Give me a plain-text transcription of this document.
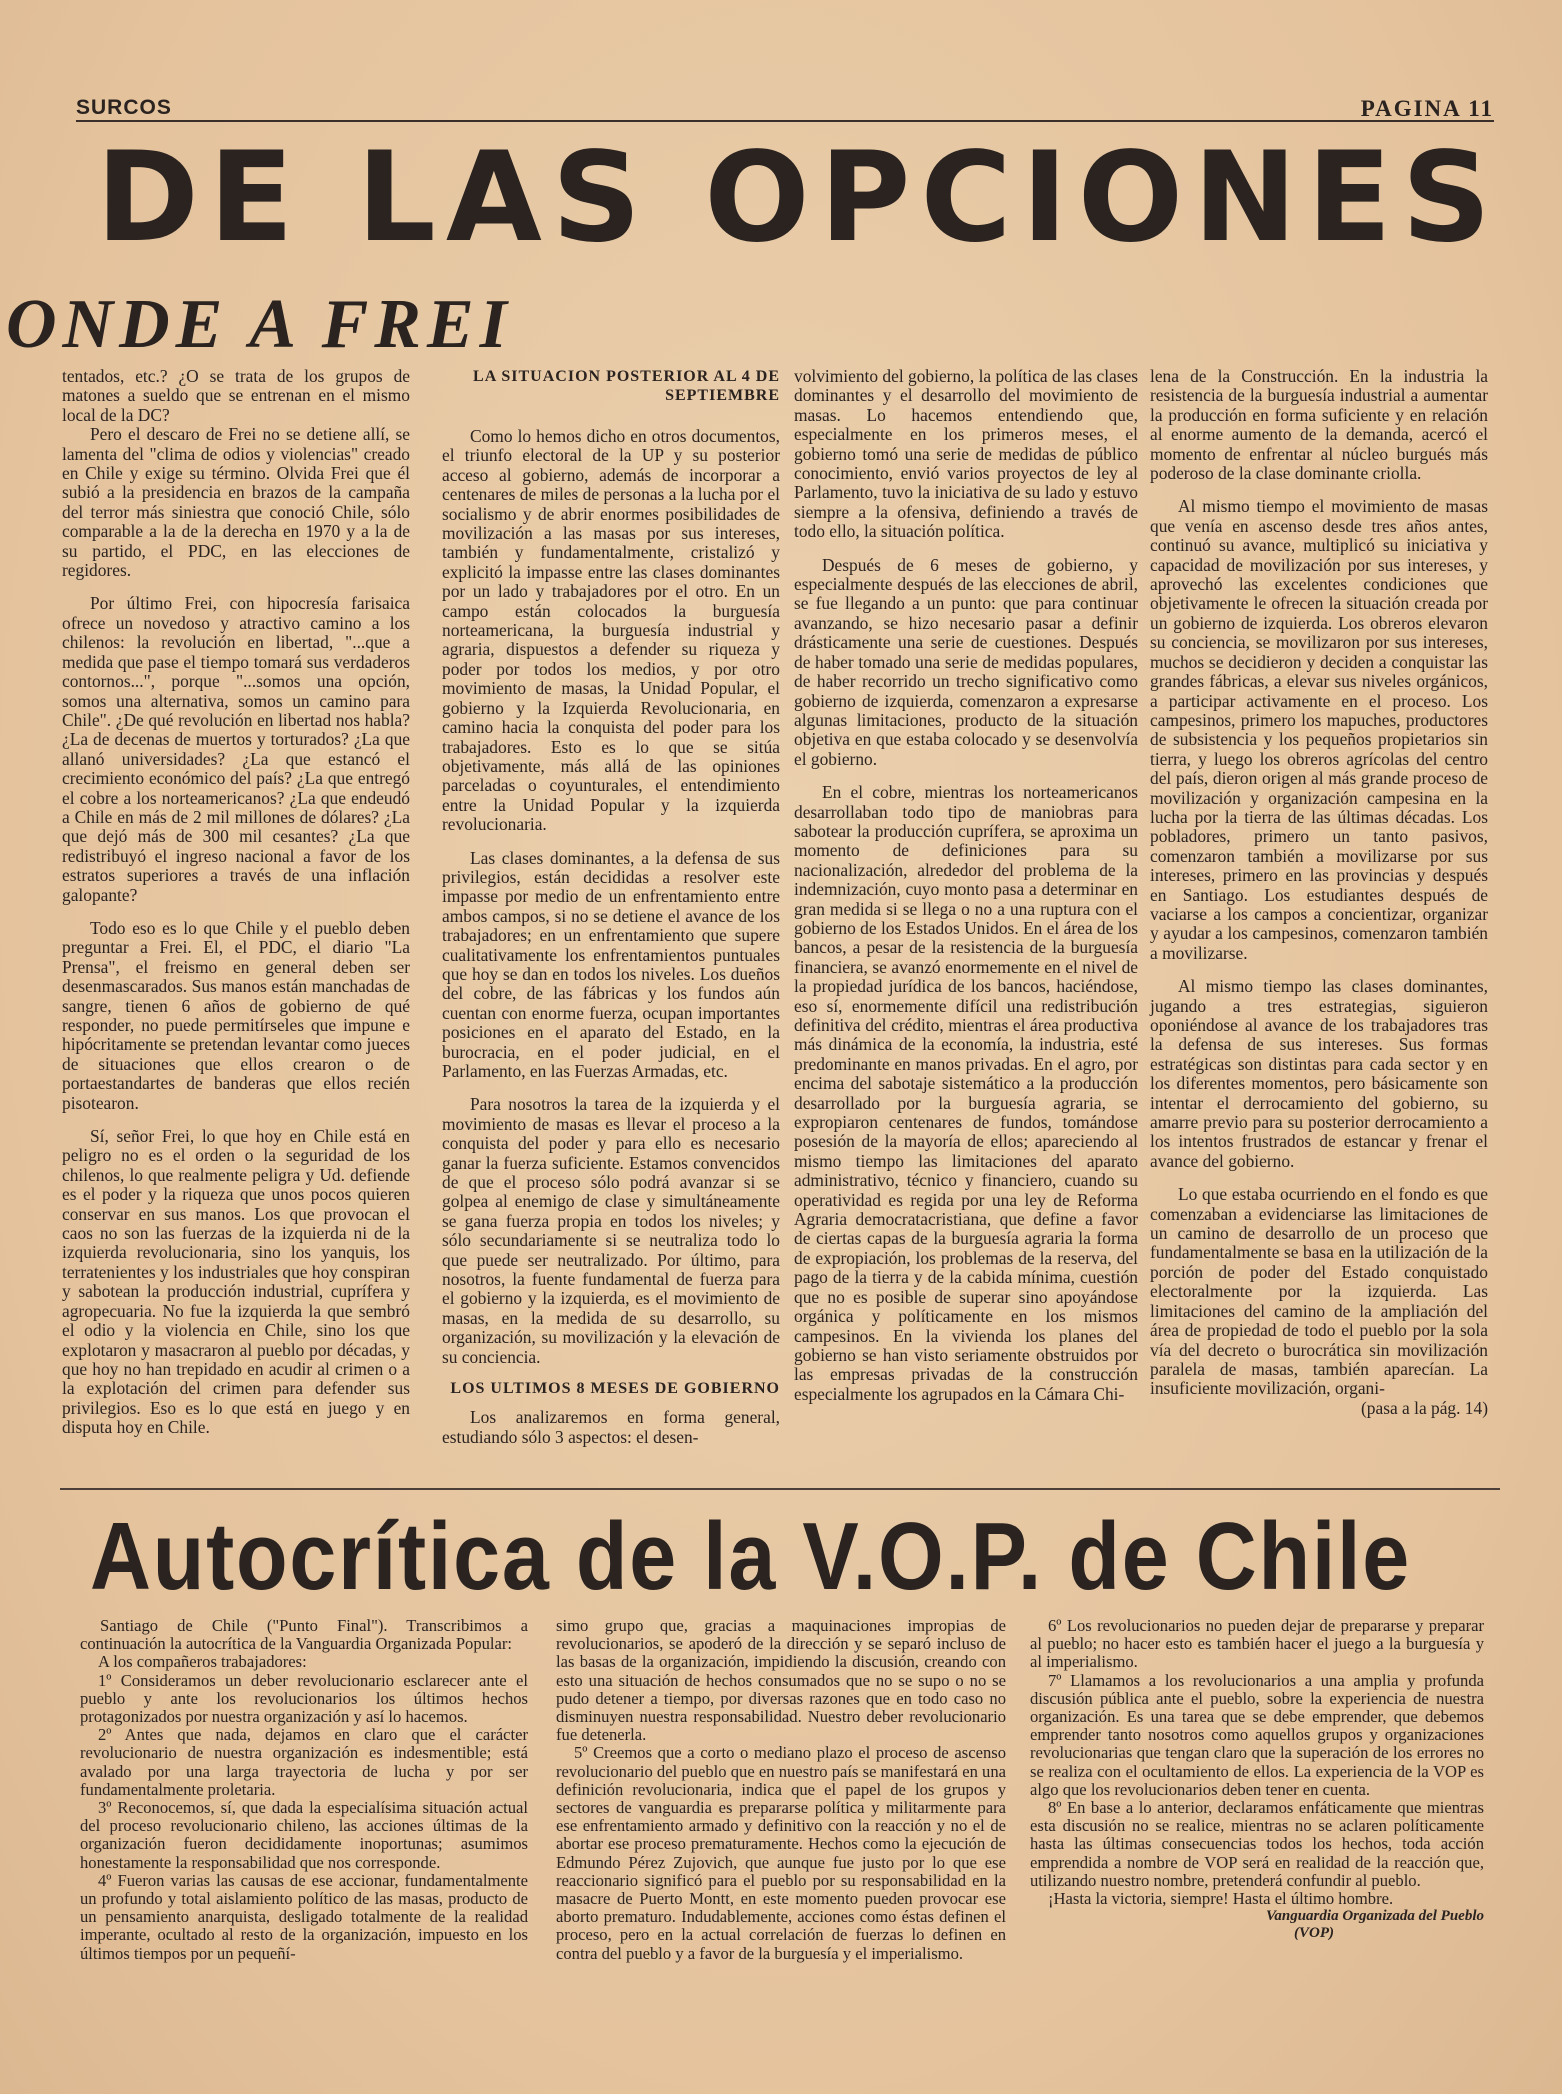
SURCOS	PAGINA 11
DE LAS OPCIONES
ONDE A FREI

tentados, etc.? ¿O se trata de los grupos de matones a sueldo que se entrenan en el mismo local de la DC?

Pero el descaro de Frei no se detiene allí, se lamenta del "clima de odios y violencias" creado en Chile y exige su término. Olvida Frei que él subió a la presidencia en brazos de la campaña del terror más siniestra que conoció Chile, sólo comparable a la de la derecha en 1970 y a la de su partido, el PDC, en las elecciones de regidores.

Por último Frei, con hipocresía farisaica ofrece un novedoso y atractivo camino a los chilenos: la revolución en libertad, "...que a medida que pase el tiempo tomará sus verdaderos contornos...", porque "...somos una opción, somos una alternativa, somos un camino para Chile". ¿De qué revolución en libertad nos habla? ¿La de decenas de muertos y torturados? ¿La que allanó universidades? ¿La que estancó el crecimiento económico del país? ¿La que entregó el cobre a los norteamericanos? ¿La que endeudó a Chile en más de 2 mil millones de dólares? ¿La que dejó más de 300 mil cesantes? ¿La que redistribuyó el ingreso nacional a favor de los estratos superiores a través de una inflación galopante?

Todo eso es lo que Chile y el pueblo deben preguntar a Frei. El, el PDC, el diario "La Prensa", el freismo en general deben ser desenmascarados. Sus manos están manchadas de sangre, tienen 6 años de gobierno de qué responder, no puede permitírseles que impune e hipócritamente se pretendan levantar como jueces de situaciones que ellos crearon o de portaestandartes de banderas que ellos recién pisotearon.

Sí, señor Frei, lo que hoy en Chile está en peligro no es el orden o la seguridad de los chilenos, lo que realmente peligra y Ud. defiende es el poder y la riqueza que unos pocos quieren conservar en sus manos. Los que provocan el caos no son las fuerzas de la izquierda ni de la izquierda revolucionaria, sino los yanquis, los terratenientes y los industriales que hoy conspiran y sabotean la producción industrial, cuprífera y agropecuaria. No fue la izquierda la que sembró el odio y la violencia en Chile, sino los que explotaron y masacraron al pueblo por décadas, y que hoy no han trepidado en acudir al crimen o a la explotación del crimen para defender sus privilegios. Eso es lo que está en juego y en disputa hoy en Chile.

LA SITUACION POSTERIOR AL 4 DE SEPTIEMBRE

Como lo hemos dicho en otros documentos, el triunfo electoral de la UP y su posterior acceso al gobierno, además de incorporar a centenares de miles de personas a la lucha por el socialismo y de abrir enormes posibilidades de movilización a las masas por sus intereses, también y fundamentalmente, cristalizó y explicitó la impasse entre las clases dominantes por un lado y trabajadores por el otro. En un campo están colocados la burguesía norteamericana, la burguesía industrial y agraria, dispuestos a defender su riqueza y poder por todos los medios, y por otro movimiento de masas, la Unidad Popular, el gobierno y la Izquierda Revolucionaria, en camino hacia la conquista del poder para los trabajadores. Esto es lo que se sitúa objetivamente, más allá de las opiniones parceladas o coyunturales, el entendimiento entre la Unidad Popular y la izquierda revolucionaria.

Las clases dominantes, a la defensa de sus privilegios, están decididas a resolver este impasse por medio de un enfrentamiento entre ambos campos, si no se detiene el avance de los trabajadores; en un enfrentamiento que supere cualitativamente los enfrentamientos puntuales que hoy se dan en todos los niveles. Los dueños del cobre, de las fábricas y los fundos aún cuentan con enorme fuerza, ocupan importantes posiciones en el aparato del Estado, en la burocracia, en el poder judicial, en el Parlamento, en las Fuerzas Armadas, etc.

Para nosotros la tarea de la izquierda y el movimiento de masas es llevar el proceso a la conquista del poder y para ello es necesario ganar la fuerza suficiente. Estamos convencidos de que el proceso sólo podrá avanzar si se golpea al enemigo de clase y simultáneamente se gana fuerza propia en todos los niveles; y sólo secundariamente si se neutraliza todo lo que puede ser neutralizado. Por último, para nosotros, la fuente fundamental de fuerza para el gobierno y la izquierda, es el movimiento de masas, en la medida de su desarrollo, su organización, su movilización y la elevación de su conciencia.

LOS ULTIMOS 8 MESES DE GOBIERNO

Los analizaremos en forma general, estudiando sólo 3 aspectos: el desen-

volvimiento del gobierno, la política de las clases dominantes y el desarrollo del movimiento de masas. Lo hacemos entendiendo que, especialmente en los primeros meses, el gobierno tomó una serie de medidas de público conocimiento, envió varios proyectos de ley al Parlamento, tuvo la iniciativa de su lado y estuvo siempre a la ofensiva, definiendo a través de todo ello, la situación política.

Después de 6 meses de gobierno, y especialmente después de las elecciones de abril, se fue llegando a un punto: que para continuar avanzando, se hizo necesario pasar a definir drásticamente una serie de cuestiones. Después de haber tomado una serie de medidas populares, de haber recorrido un trecho significativo como gobierno de izquierda, comenzaron a expresarse algunas limitaciones, producto de la situación objetiva en que estaba colocado y se desenvolvía el gobierno.

En el cobre, mientras los norteamericanos desarrollaban todo tipo de maniobras para sabotear la producción cuprífera, se aproxima un momento de definiciones para su nacionalización, alrededor del problema de la indemnización, cuyo monto pasa a determinar en gran medida si se llega o no a una ruptura con el gobierno de los Estados Unidos. En el área de los bancos, a pesar de la resistencia de la burguesía financiera, se avanzó enormemente en el nivel de la propiedad jurídica de los bancos, haciéndose, eso sí, enormemente difícil una redistribución definitiva del crédito, mientras el área productiva más dinámica de la economía, la industria, esté predominante en manos privadas. En el agro, por encima del sabotaje sistemático a la producción desarrollado por la burguesía agraria, se expropiaron centenares de fundos, tomándose posesión de la mayoría de ellos; apareciendo al mismo tiempo las limitaciones del aparato administrativo, técnico y financiero, cuando su operatividad es regida por una ley de Reforma Agraria democratacristiana, que define a favor de ciertas capas de la burguesía agraria la forma de expropiación, los problemas de la reserva, del pago de la tierra y de la cabida mínima, cuestión que no es posible de superar sino apoyándose orgánica y políticamente en los mismos campesinos. En la vivienda los planes del gobierno se han visto seriamente obstruidos por las empresas privadas de la construcción especialmente los agrupados en la Cámara Chi-

lena de la Construcción. En la industria la resistencia de la burguesía industrial a aumentar la producción en forma suficiente y en relación al enorme aumento de la demanda, acercó el momento de enfrentar al núcleo burgués más poderoso de la clase dominante criolla.

Al mismo tiempo el movimiento de masas que venía en ascenso desde tres años antes, continuó su avance, multiplicó su iniciativa y capacidad de movilización por sus intereses, y aprovechó las excelentes condiciones que objetivamente le ofrecen la situación creada por un gobierno de izquierda. Los obreros elevaron su conciencia, se movilizaron por sus intereses, muchos se decidieron y deciden a conquistar las grandes fábricas, a elevar sus niveles orgánicos, a participar activamente en el proceso. Los campesinos, primero los mapuches, productores de subsistencia y los pequeños propietarios sin tierra, y luego los obreros agrícolas del centro del país, dieron origen al más grande proceso de movilización y organización campesina en la lucha por la tierra de las últimas décadas. Los pobladores, primero un tanto pasivos, comenzaron también a movilizarse por sus intereses, primero en las provincias y después en Santiago. Los estudiantes después de vaciarse a los campos a concientizar, organizar y ayudar a los campesinos, comenzaron también a movilizarse.

Al mismo tiempo las clases dominantes, jugando a tres estrategias, siguieron oponiéndose al avance de los trabajadores tras la defensa de sus intereses. Sus formas estratégicas son distintas para cada sector y en los diferentes momentos, pero básicamente son intentar el derrocamiento del gobierno, su amarre previo para su posterior derrocamiento a los intentos frustrados de estancar y frenar el avance del gobierno.

Lo que estaba ocurriendo en el fondo es que comenzaban a evidenciarse las limitaciones de un camino de desarrollo de un proceso que fundamentalmente se basa en la utilización de la porción de poder del Estado conquistado electoralmente por la izquierda. Las limitaciones del camino de la ampliación del área de propiedad de todo el pueblo por la sola vía del decreto o burocrática sin movilización paralela de masas, también aparecían. La insuficiente movilización, organi-

(pasa a la pág. 14)

Autocrítica de la V.O.P. de Chile

Santiago de Chile ("Punto Final"). Transcribimos a continuación la autocrítica de la Vanguardia Organizada Popular:

A los compañeros trabajadores:

1º Consideramos un deber revolucionario esclarecer ante el pueblo y ante los revolucionarios los últimos hechos protagonizados por nuestra organización y así lo hacemos.

2º Antes que nada, dejamos en claro que el carácter revolucionario de nuestra organización es indesmentible; está avalado por una larga trayectoria de lucha y por ser fundamentalmente proletaria.

3º Reconocemos, sí, que dada la especialísima situación actual del proceso revolucionario chileno, las acciones últimas de la organización fueron decididamente inoportunas; asumimos honestamente la responsabilidad que nos corresponde.

4º Fueron varias las causas de ese accionar, fundamentalmente un profundo y total aislamiento político de las masas, producto de un pensamiento anarquista, desligado totalmente de la realidad imperante, ocultado al resto de la organización, impuesto en los últimos tiempos por un pequeñí-

simo grupo que, gracias a maquinaciones impropias de revolucionarios, se apoderó de la dirección y se separó incluso de las basas de la organización, impidiendo la discusión, creando con esto una situación de hechos consumados que no se supo o no se pudo detener a tiempo, por diversas razones que en todo caso no disminuyen nuestra responsabilidad. Nuestro deber revolucionario fue detenerla.

5º Creemos que a corto o mediano plazo el proceso de ascenso revolucionario del pueblo que en nuestro país se manifestará en una definición revolucionaria, indica que el papel de los grupos y sectores de vanguardia es prepararse política y militarmente para ese enfrentamiento armado y definitivo con la reacción y no el de abortar ese proceso prematuramente. Hechos como la ejecución de Edmundo Pérez Zujovich, que aunque fue justo por lo que ese reaccionario significó para el pueblo por su responsabilidad en la masacre de Puerto Montt, en este momento pueden provocar ese aborto prematuro. Indudablemente, acciones como éstas definen el proceso, pero en la actual correlación de fuerzas lo definen en contra del pueblo y a favor de la burguesía y el imperialismo.

6º Los revolucionarios no pueden dejar de prepararse y preparar al pueblo; no hacer esto es también hacer el juego a la burguesía y al imperialismo.

7º Llamamos a los revolucionarios a una amplia y profunda discusión pública ante el pueblo, sobre la experiencia de nuestra organización. Es una tarea que se debe emprender, que debemos emprender tanto nosotros como aquellos grupos y organizaciones revolucionarias que tengan claro que la superación de los errores no se realiza con el ocultamiento de ellos. La experiencia de la VOP es algo que los revolucionarios deben tener en cuenta.

8º En base a lo anterior, declaramos enfáticamente que mientras esta discusión no se realice, mientras no se aclaren políticamente hasta las últimas consecuencias todos los hechos, toda acción emprendida a nombre de VOP será en realidad de la reacción que, utilizando nuestro nombre, pretenderá confundir al pueblo.

¡Hasta la victoria, siempre! Hasta el último hombre.

Vanguardia Organizada del Pueblo

(VOP)
